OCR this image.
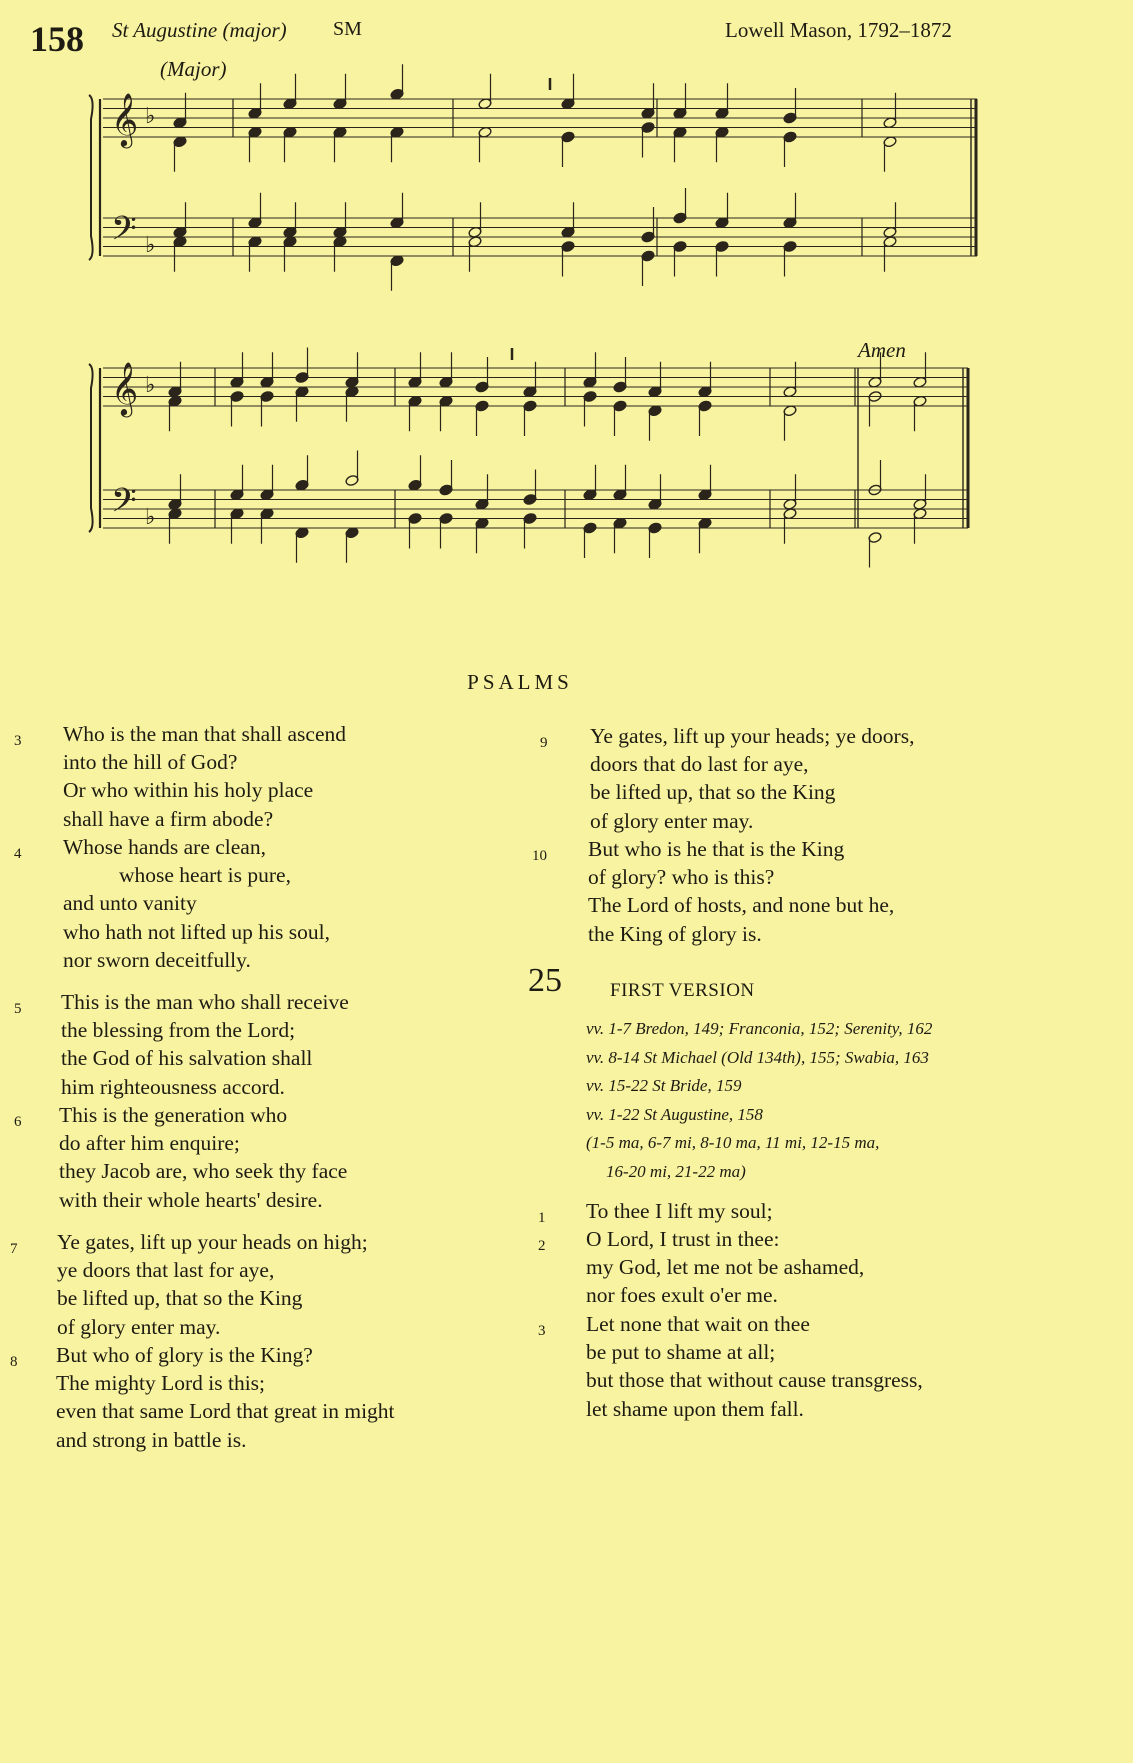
158 St Augustine (major) SM	Lowell Mason, 1792–1872
(Major)
Amen
𝄞
𝄢
♭
♭
𝄞
𝄢
♭
♭
PSALMS
3 Who is the man that shall ascend
into the hill of God?
Or who within his holy place
shall have a firm abode?
4 Whose hands are clean,
whose heart is pure,
and unto vanity
who hath not lifted up his soul,
nor sworn deceitfully.
5 This is the man who shall receive
the blessing from the Lord;
the God of his salvation shall
him righteousness accord.
6 This is the generation who
do after him enquire;
they Jacob are, who seek thy face
with their whole hearts' desire.
7 Ye gates, lift up your heads on high;
ye doors that last for aye,
be lifted up, that so the King
of glory enter may.
8 But who of glory is the King?
The mighty Lord is this;
even that same Lord that great in might
and strong in battle is.
9 Ye gates, lift up your heads; ye doors,
doors that do last for aye,
be lifted up, that so the King
of glory enter may.
10 But who is he that is the King
of glory? who is this?
The Lord of hosts, and none but he,
the King of glory is.
25	FIRST VERSION
vv. 1-7 Bredon, 149; Franconia, 152; Serenity, 162
vv. 8-14 St Michael (Old 134th), 155; Swabia, 163
vv. 15-22 St Bride, 159
vv. 1-22 St Augustine, 158
(1-5 ma, 6-7 mi, 8-10 ma, 11 mi, 12-15 ma,
16-20 mi, 21-22 ma)
1 To thee I lift my soul;
2 O Lord, I trust in thee:
my God, let me not be ashamed,
nor foes exult o'er me.
3 Let none that wait on thee
be put to shame at all;
but those that without cause transgress,
let shame upon them fall.
